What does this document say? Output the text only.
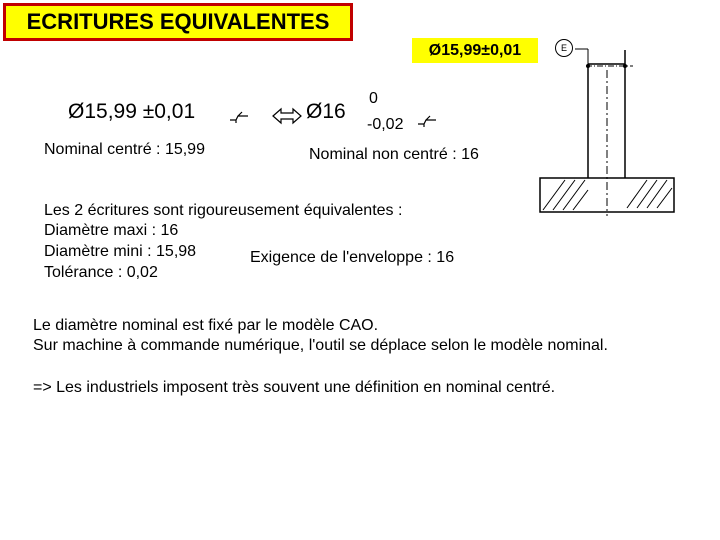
ECRITURES EQUIVALENTES
Ø15,99±0,01	E
Ø15,99 ±0,01
Nominal centré : 15,99
Ø16
0
-0,02
Nominal non centré : 16
Les 2 écritures sont rigoureusement équivalentes :
Diamètre maxi : 16
Diamètre mini : 15,98
Tolérance : 0,02
Exigence de l'enveloppe : 16
Le diamètre nominal est fixé par le modèle CAO.
Sur machine à commande numérique, l'outil se déplace selon le modèle nominal.
=> Les industriels imposent très souvent une définition en nominal centré.
